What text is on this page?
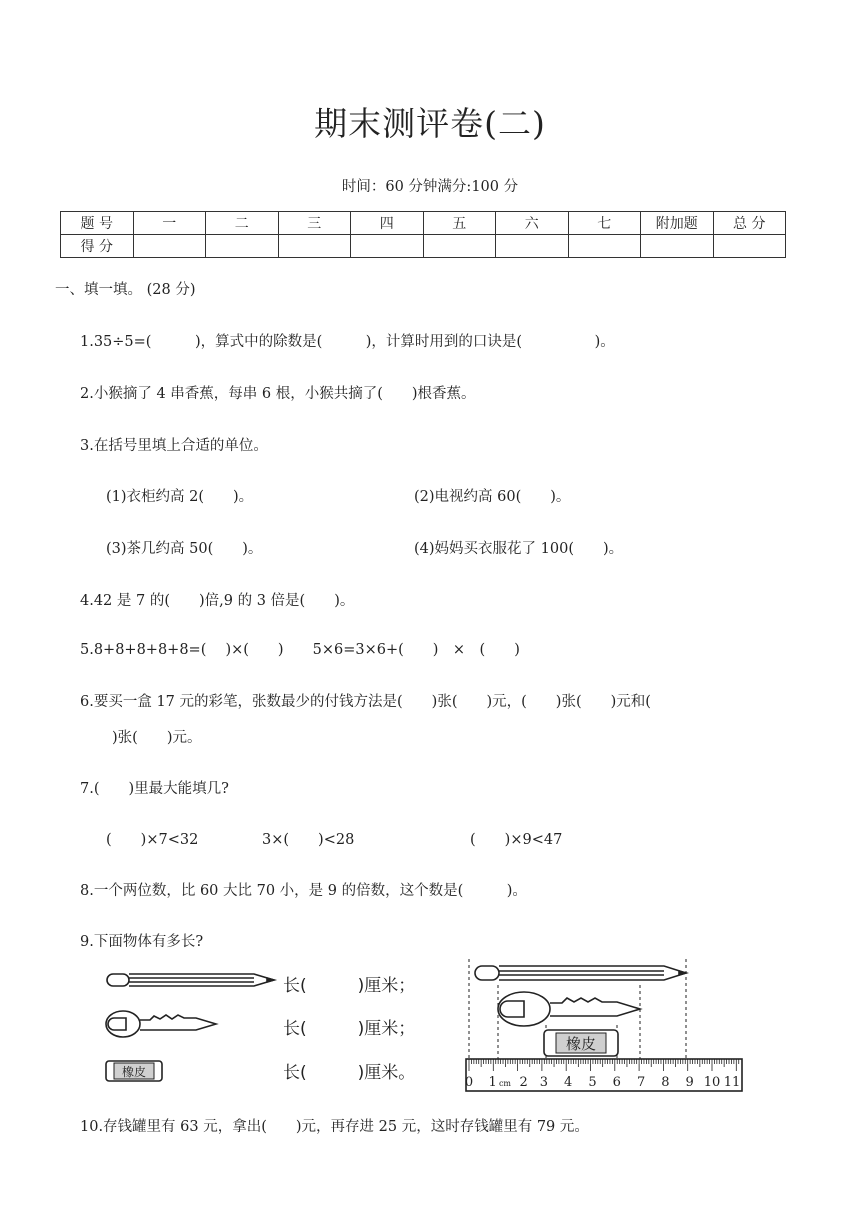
期末测评卷(二)
时间：60 分钟满分:100 分
题 号	一	二	三	四	五	六	七	附加题	总 分
得 分									
一、填一填。 (28 分)
1.35÷5=(　　　)，算式中的除数是(　　　)，计算时用到的口诀是(　　　　　)。
2.小猴摘了 4 串香蕉，每串 6 根，小猴共摘了(　　)根香蕉。
3.在括号里填上合适的单位。
(1)衣柜约高 2(　　)。	(2)电视约高 60(　　)。
(3)茶几约高 50(　　)。	(4)妈妈买衣服花了 100(　　)。
4.42 是 7 的(　　)倍,9 的 3 倍是(　　)。
5.8+8+8+8+8=(　 )×(　　)　　5×6=3×6+(　　)　×　(　　)
6.要买一盒 17 元的彩笔，张数最少的付钱方法是(　　)张(　　)元，(　　)张(　　)元和(
)张(　　)元。
7.(　　)里最大能填几?
(　　)×7<32	3×(　　)<28	(　　)×9<47
8.一个两位数，比 60 大比 70 小，是 9 的倍数，这个数是(　　　)。
9.下面物体有多长?
橡皮
长(　　　)厘米；
长(　　　)厘米；
长(　　　)厘米。
橡皮
0 1 cm 2 3 4 5 6 7 8 9 10 11
10.存钱罐里有 63 元，拿出(　　)元，再存进 25 元，这时存钱罐里有 79 元。
